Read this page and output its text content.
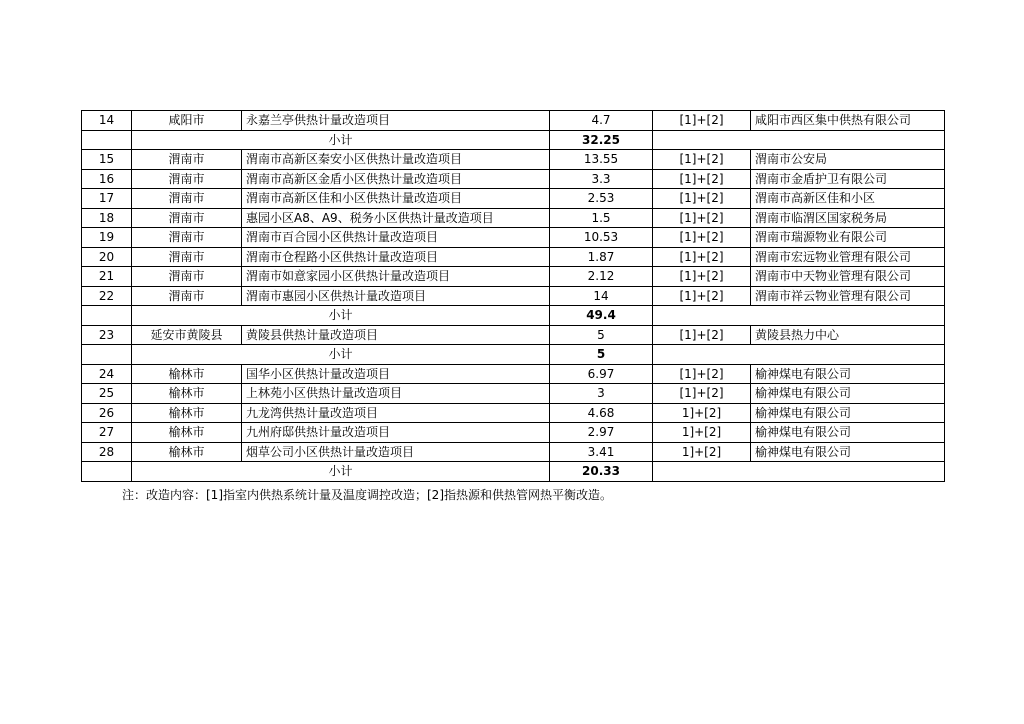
14	咸阳市	永嘉兰亭供热计量改造项目	4.7	[1]+[2]	咸阳市西区集中供热有限公司
	小计		32.25		
15	渭南市	渭南市高新区秦安小区供热计量改造项目	13.55	[1]+[2]	渭南市公安局
16	渭南市	渭南市高新区金盾小区供热计量改造项目	3.3	[1]+[2]	渭南市金盾护卫有限公司
17	渭南市	渭南市高新区佳和小区供热计量改造项目	2.53	[1]+[2]	渭南市高新区佳和小区
18	渭南市	惠园小区A8、A9、税务小区供热计量改造项目	1.5	[1]+[2]	渭南市临渭区国家税务局
19	渭南市	渭南市百合园小区供热计量改造项目	10.53	[1]+[2]	渭南市瑞源物业有限公司
20	渭南市	渭南市仓程路小区供热计量改造项目	1.87	[1]+[2]	渭南市宏远物业管理有限公司
21	渭南市	渭南市如意家园小区供热计量改造项目	2.12	[1]+[2]	渭南市中天物业管理有限公司
22	渭南市	渭南市惠园小区供热计量改造项目	14	[1]+[2]	渭南市祥云物业管理有限公司
	小计		49.4		
23	延安市黄陵县	黄陵县供热计量改造项目	5	[1]+[2]	黄陵县热力中心
	小计		5		
24	榆林市	国华小区供热计量改造项目	6.97	[1]+[2]	榆神煤电有限公司
25	榆林市	上林苑小区供热计量改造项目	3	[1]+[2]	榆神煤电有限公司
26	榆林市	九龙湾供热计量改造项目	4.68	1]+[2]	榆神煤电有限公司
27	榆林市	九州府邸供热计量改造项目	2.97	1]+[2]	榆神煤电有限公司
28	榆林市	烟草公司小区供热计量改造项目	3.41	1]+[2]	榆神煤电有限公司
	小计		20.33		
注：改造内容：[1]指室内供热系统计量及温度调控改造；[2]指热源和供热管网热平衡改造。
